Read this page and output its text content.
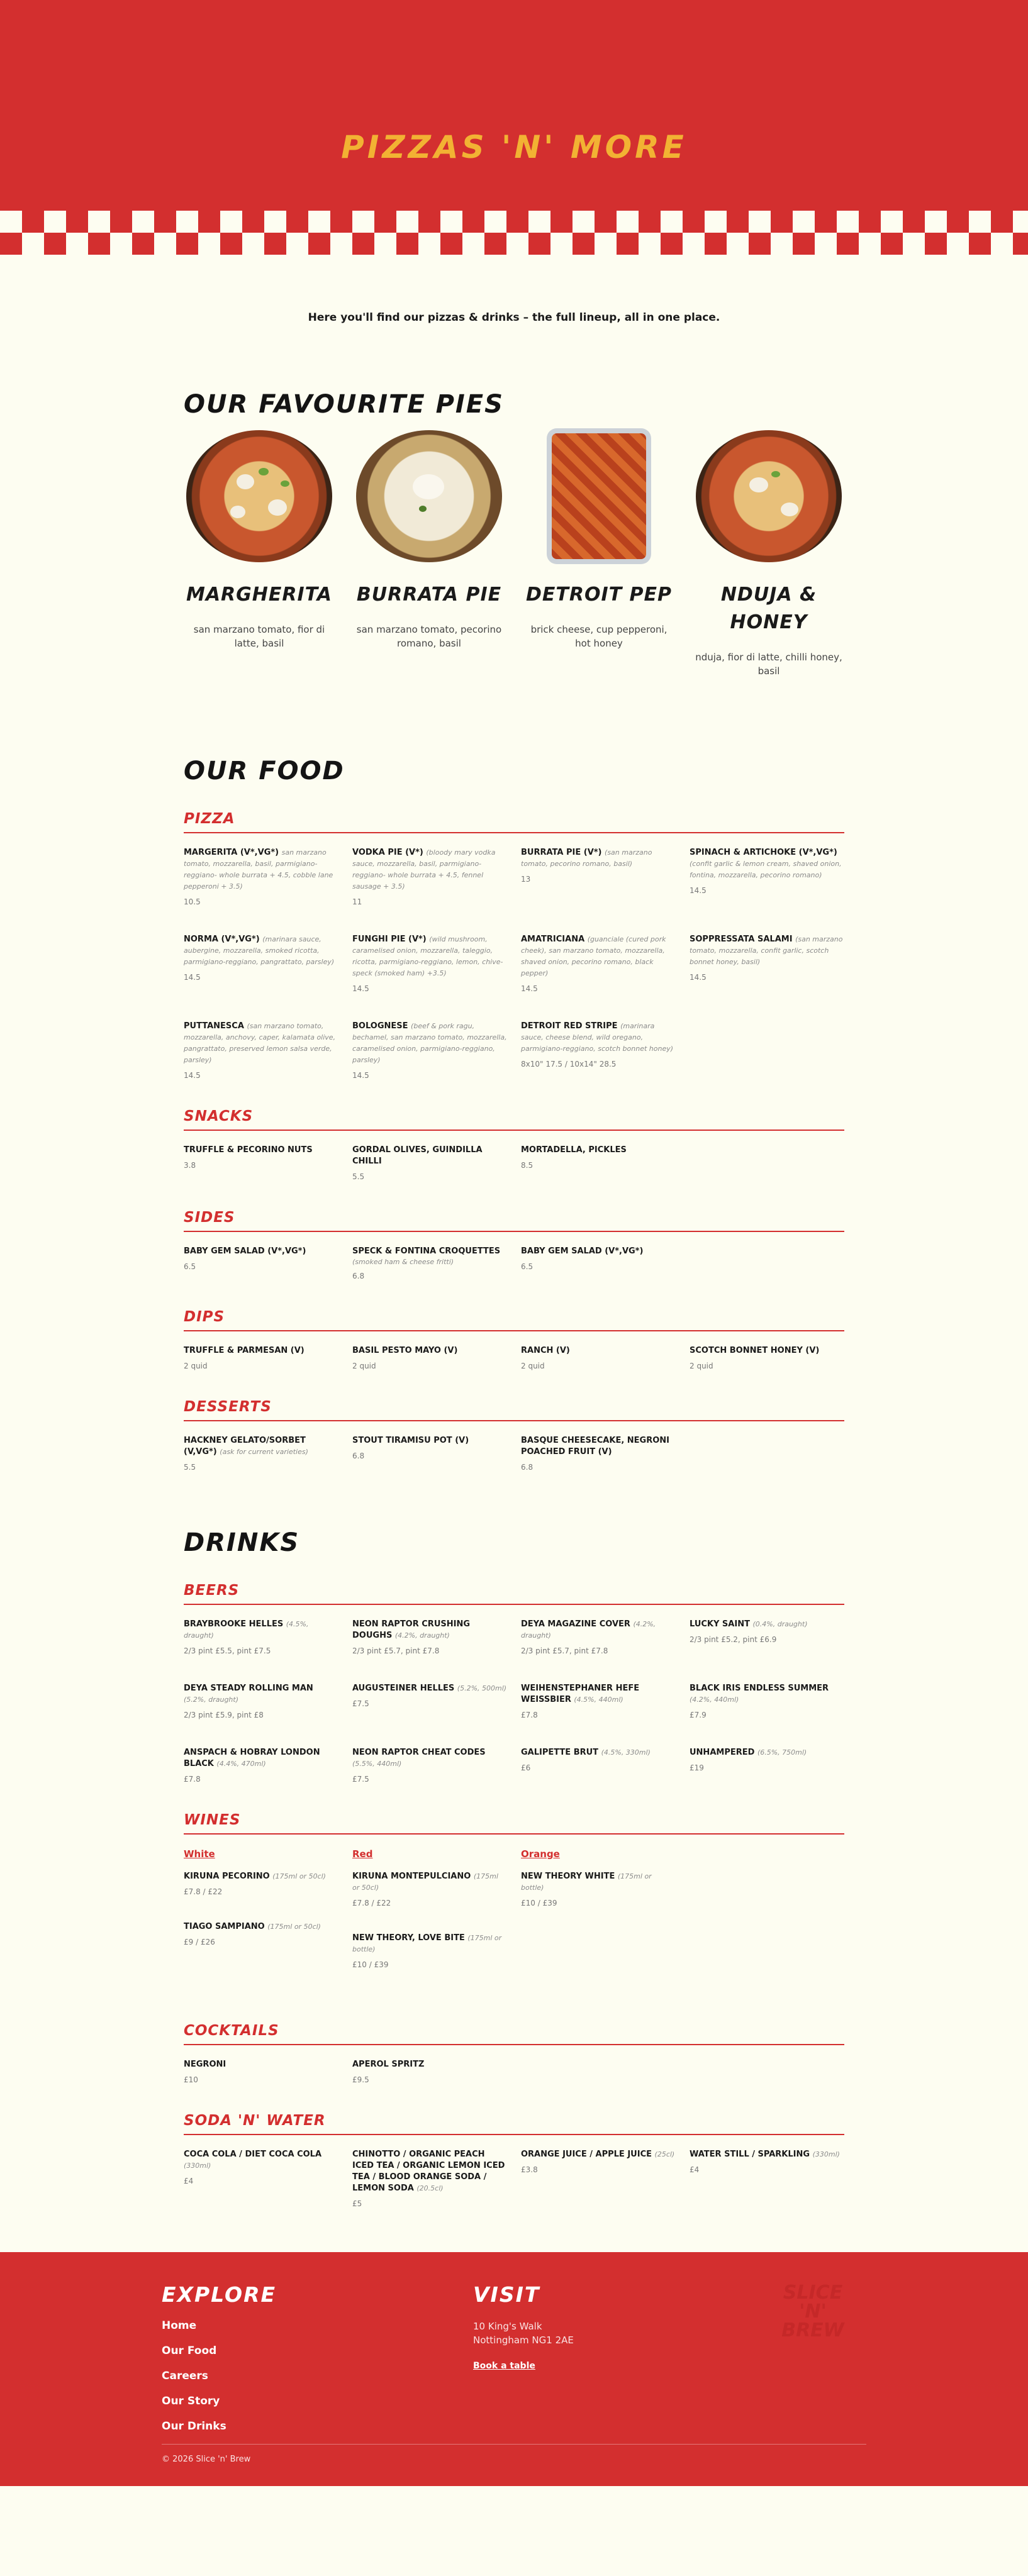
PIZZAS 'N' MORE

Here you'll find our pizzas & drinks – the full lineup, all in one place.

OUR FAVOURITE PIES
MARGHERITA
san marzano tomato, fior di latte, basil
BURRATA PIE
san marzano tomato, pecorino romano, basil
DETROIT PEP
brick cheese, cup pepperoni, hot honey
NDUJA & HONEY
nduja, fior di latte, chilli honey, basil
OUR FOOD
PIZZA
MARGERITA (V*,VG*) san marzano tomato, mozzarella, basil, parmigiano-reggiano- whole burrata + 4.5, cobble lane pepperoni + 3.5)
10.5
VODKA PIE (V*) (bloody mary vodka sauce, mozzarella, basil, parmigiano-reggiano- whole burrata + 4.5, fennel sausage + 3.5)
11
BURRATA PIE (V*) (san marzano tomato, pecorino romano, basil)
13
SPINACH & ARTICHOKE (V*,VG*) (confit garlic & lemon cream, shaved onion, fontina, mozzarella, pecorino romano)
14.5
NORMA (V*,VG*) (marinara sauce, aubergine, mozzarella, smoked ricotta, parmigiano-reggiano, pangrattato, parsley)
14.5
FUNGHI PIE (V*) (wild mushroom, caramelised onion, mozzarella, taleggio, ricotta, parmigiano-reggiano, lemon, chive- speck (smoked ham) +3.5)
14.5
AMATRICIANA (guanciale (cured pork cheek), san marzano tomato, mozzarella, shaved onion, pecorino romano, black pepper)
14.5
SOPPRESSATA SALAMI (san marzano tomato, mozzarella, confit garlic, scotch bonnet honey, basil)
14.5
PUTTANESCA (san marzano tomato, mozzarella, anchovy, caper, kalamata olive, pangrattato, preserved lemon salsa verde, parsley)
14.5
BOLOGNESE (beef & pork ragu, bechamel, san marzano tomato, mozzarella, caramelised onion, parmigiano-reggiano, parsley)
14.5
DETROIT RED STRIPE (marinara sauce, cheese blend, wild oregano, parmigiano-reggiano, scotch bonnet honey)
8x10" 17.5 / 10x14" 28.5
SNACKS
TRUFFLE & PECORINO NUTS
3.8
GORDAL OLIVES, GUINDILLA CHILLI
5.5
MORTADELLA, PICKLES
8.5
SIDES
BABY GEM SALAD (V*,VG*)
6.5
SPECK & FONTINA CROQUETTES
(smoked ham & cheese fritti)
6.8
BABY GEM SALAD (V*,VG*)
6.5
DIPS
TRUFFLE & PARMESAN (V)
2 quid
BASIL PESTO MAYO (V)
2 quid
RANCH (V)
2 quid
SCOTCH BONNET HONEY (V)
2 quid
DESSERTS
HACKNEY GELATO/SORBET (V,VG*) (ask for current varieties)
5.5
STOUT TIRAMISU POT (V)
6.8
BASQUE CHEESECAKE, NEGRONI POACHED FRUIT (V)
6.8
DRINKS
BEERS
BRAYBROOKE HELLES (4.5%, draught)
2/3 pint £5.5, pint £7.5
NEON RAPTOR CRUSHING DOUGHS (4.2%, draught)
2/3 pint £5.7, pint £7.8
DEYA MAGAZINE COVER (4.2%, draught)
2/3 pint £5.7, pint £7.8
LUCKY SAINT (0.4%, draught)
2/3 pint £5.2, pint £6.9
DEYA STEADY ROLLING MAN (5.2%, draught)
2/3 pint £5.9, pint £8
AUGUSTEINER HELLES (5.2%, 500ml)
£7.5
WEIHENSTEPHANER HEFE WEISSBIER (4.5%, 440ml)
£7.8
BLACK IRIS ENDLESS SUMMER (4.2%, 440ml)
£7.9
ANSPACH & HOBRAY LONDON BLACK (4.4%, 470ml)
£7.8
NEON RAPTOR CHEAT CODES (5.5%, 440ml)
£7.5
GALIPETTE BRUT (4.5%, 330ml)
£6
UNHAMPERED (6.5%, 750ml)
£19
WINES
White
KIRUNA PECORINO (175ml or 50cl)
£7.8 / £22
TIAGO SAMPIANO (175ml or 50cl)
£9 / £26
Red
KIRUNA MONTEPULCIANO (175ml or 50cl)
£7.8 / £22
NEW THEORY, LOVE BITE (175ml or bottle)
£10 / £39
Orange
NEW THEORY WHITE (175ml or bottle)
£10 / £39
COCKTAILS
NEGRONI
£10
APEROL SPRITZ
£9.5
SODA 'N' WATER
COCA COLA / DIET COCA COLA (330ml)
£4
CHINOTTO / ORGANIC PEACH ICED TEA / ORGANIC LEMON ICED TEA / BLOOD ORANGE SODA / LEMON SODA (20.5cl)
£5
ORANGE JUICE / APPLE JUICE (25cl)
£3.8
WATER STILL / SPARKLING (330ml)
£4
EXPLORE
Home
Our Food
Careers
Our Story
Our Drinks
VISIT
10 King's Walk
Nottingham NG1 2AE
Book a table
SLICE
'N'
BREW
© 2026 Slice 'n' Brew
